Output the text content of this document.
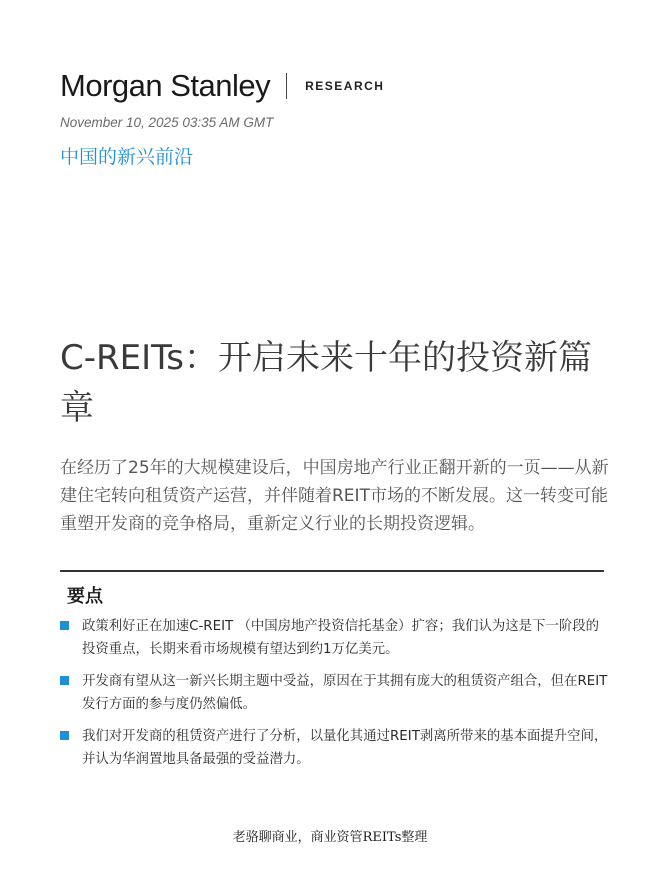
Morgan Stanley	RESEARCH
November 10, 2025 03:35 AM GMT
中国的新兴前沿
C-REITs：开启未来十年的投资新篇章
在经历了25年的大规模建设后，中国房地产行业正翻开新的一页——从新建住宅转向租赁资产运营，并伴随着REIT市场的不断发展。这一转变可能重塑开发商的竞争格局，重新定义行业的长期投资逻辑。
要点
政策利好正在加速C-REIT （中国房地产投资信托基金）扩容；我们认为这是下一阶段的投资重点，长期来看市场规模有望达到约1万亿美元。
开发商有望从这一新兴长期主题中受益，原因在于其拥有庞大的租赁资产组合，但在REIT发行方面的参与度仍然偏低。
我们对开发商的租赁资产进行了分析，以量化其通过REIT剥离所带来的基本面提升空间，并认为华润置地具备最强的受益潜力。
老骆聊商业，商业资管REITs整理
